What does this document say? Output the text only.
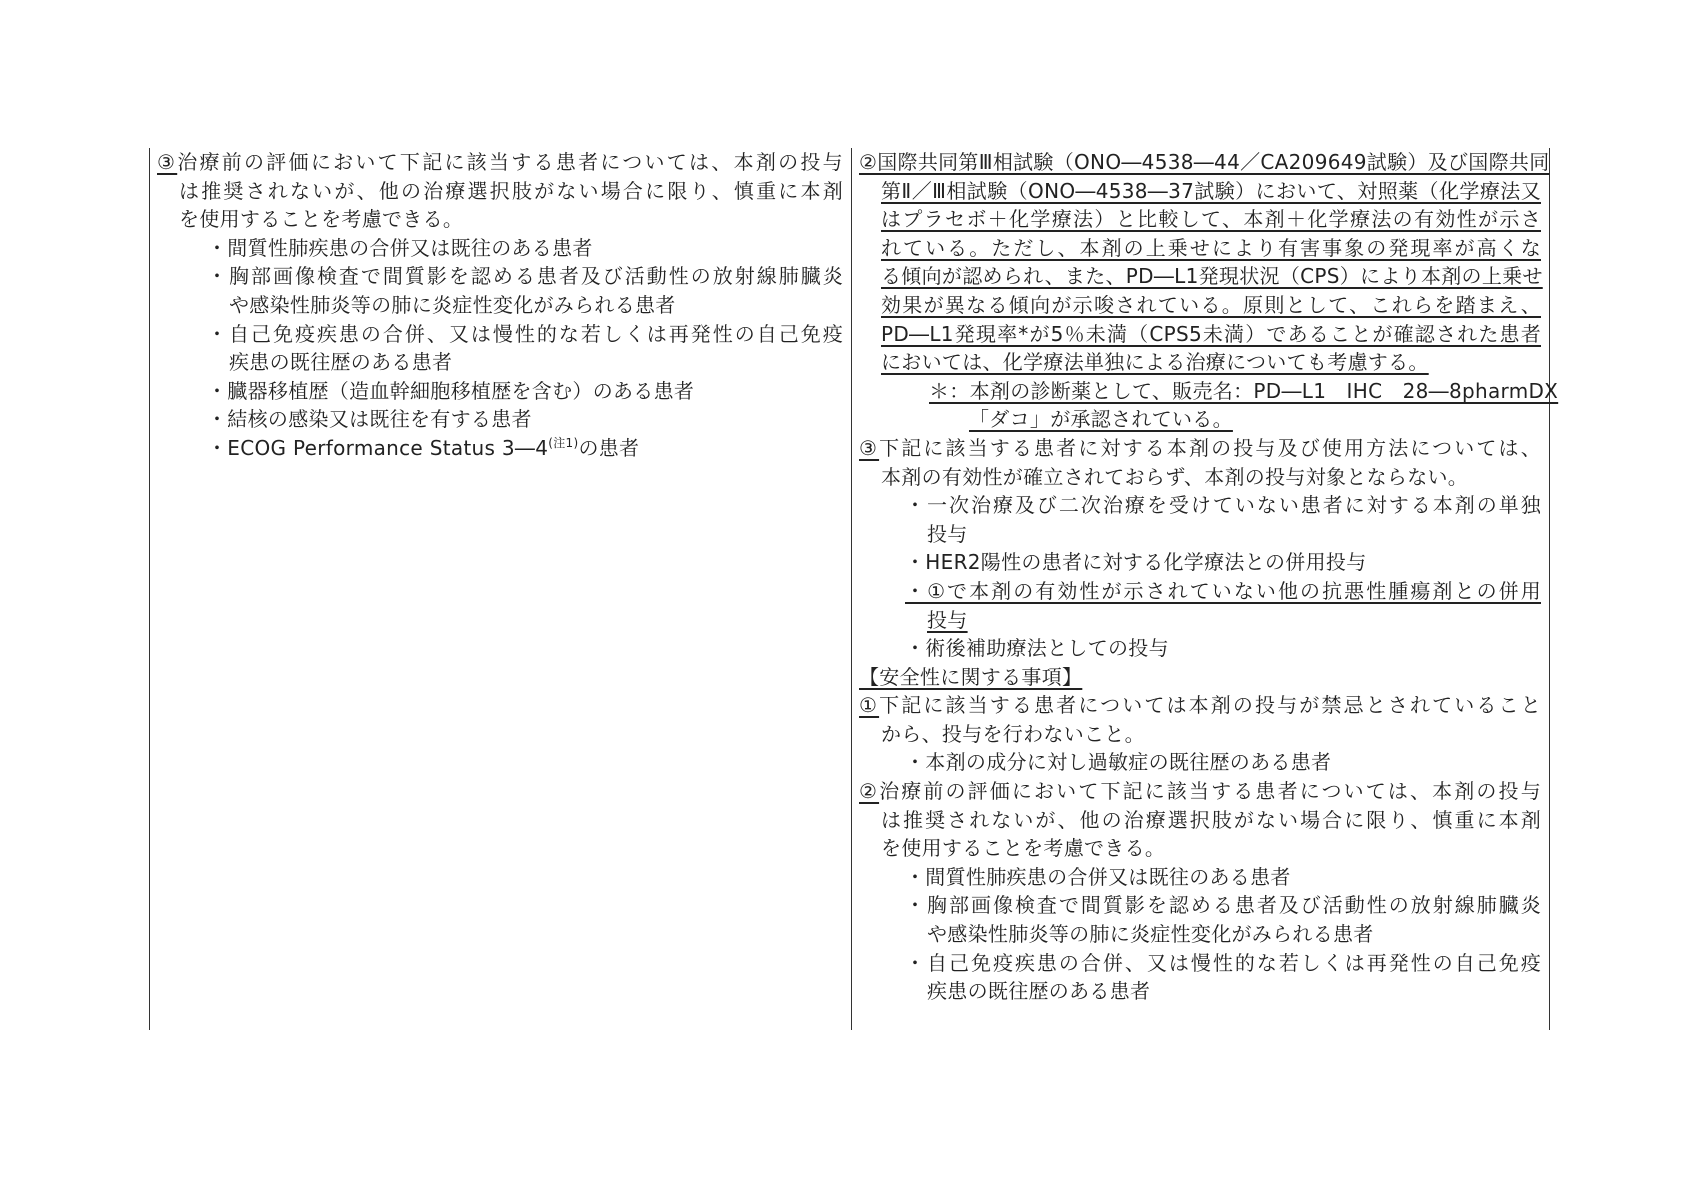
③治療前の評価において下記に該当する患者については、本剤の投与
は推奨されないが、他の治療選択肢がない場合に限り、慎重に本剤
を使用することを考慮できる。
・間質性肺疾患の合併又は既往のある患者
・胸部画像検査で間質影を認める患者及び活動性の放射線肺臓炎
や感染性肺炎等の肺に炎症性変化がみられる患者
・自己免疫疾患の合併、又は慢性的な若しくは再発性の自己免疫
疾患の既往歴のある患者
・臓器移植歴（造血幹細胞移植歴を含む）のある患者
・結核の感染又は既往を有する患者
・ECOG Performance Status $3―4^{(注1)}$の患者
②国際共同第Ⅲ相試験（ONO―4538―44／CA209649試験）及び国際共同
第Ⅱ／Ⅲ相試験（ONO―4538―37試験）において、対照薬（化学療法又
はプラセボ＋化学療法）と比較して、本剤＋化学療法の有効性が示さ
れている。ただし、本剤の上乗せにより有害事象の発現率が高くな
る傾向が認められ、また、PD―L1発現状況（CPS）により本剤の上乗せ
効果が異なる傾向が示唆されている。原則として、これらを踏まえ、
PD―L1発現率*が5％未満（CPS5未満）であることが確認された患者
においては、化学療法単独による治療についても考慮する。
＊：本剤の診断薬として、販売名：PD―L1　IHC　28―8pharmDX
「ダコ」が承認されている。
③下記に該当する患者に対する本剤の投与及び使用方法については、
本剤の有効性が確立されておらず、本剤の投与対象とならない。
・一次治療及び二次治療を受けていない患者に対する本剤の単独
投与
・HER2陽性の患者に対する化学療法との併用投与
・①で本剤の有効性が示されていない他の抗悪性腫瘍剤との併用
投与
・術後補助療法としての投与
【安全性に関する事項】
①下記に該当する患者については本剤の投与が禁忌とされていること
から、投与を行わないこと。
・本剤の成分に対し過敏症の既往歴のある患者
②治療前の評価において下記に該当する患者については、本剤の投与
は推奨されないが、他の治療選択肢がない場合に限り、慎重に本剤
を使用することを考慮できる。
・間質性肺疾患の合併又は既往のある患者
・胸部画像検査で間質影を認める患者及び活動性の放射線肺臓炎
や感染性肺炎等の肺に炎症性変化がみられる患者
・自己免疫疾患の合併、又は慢性的な若しくは再発性の自己免疫
疾患の既往歴のある患者
